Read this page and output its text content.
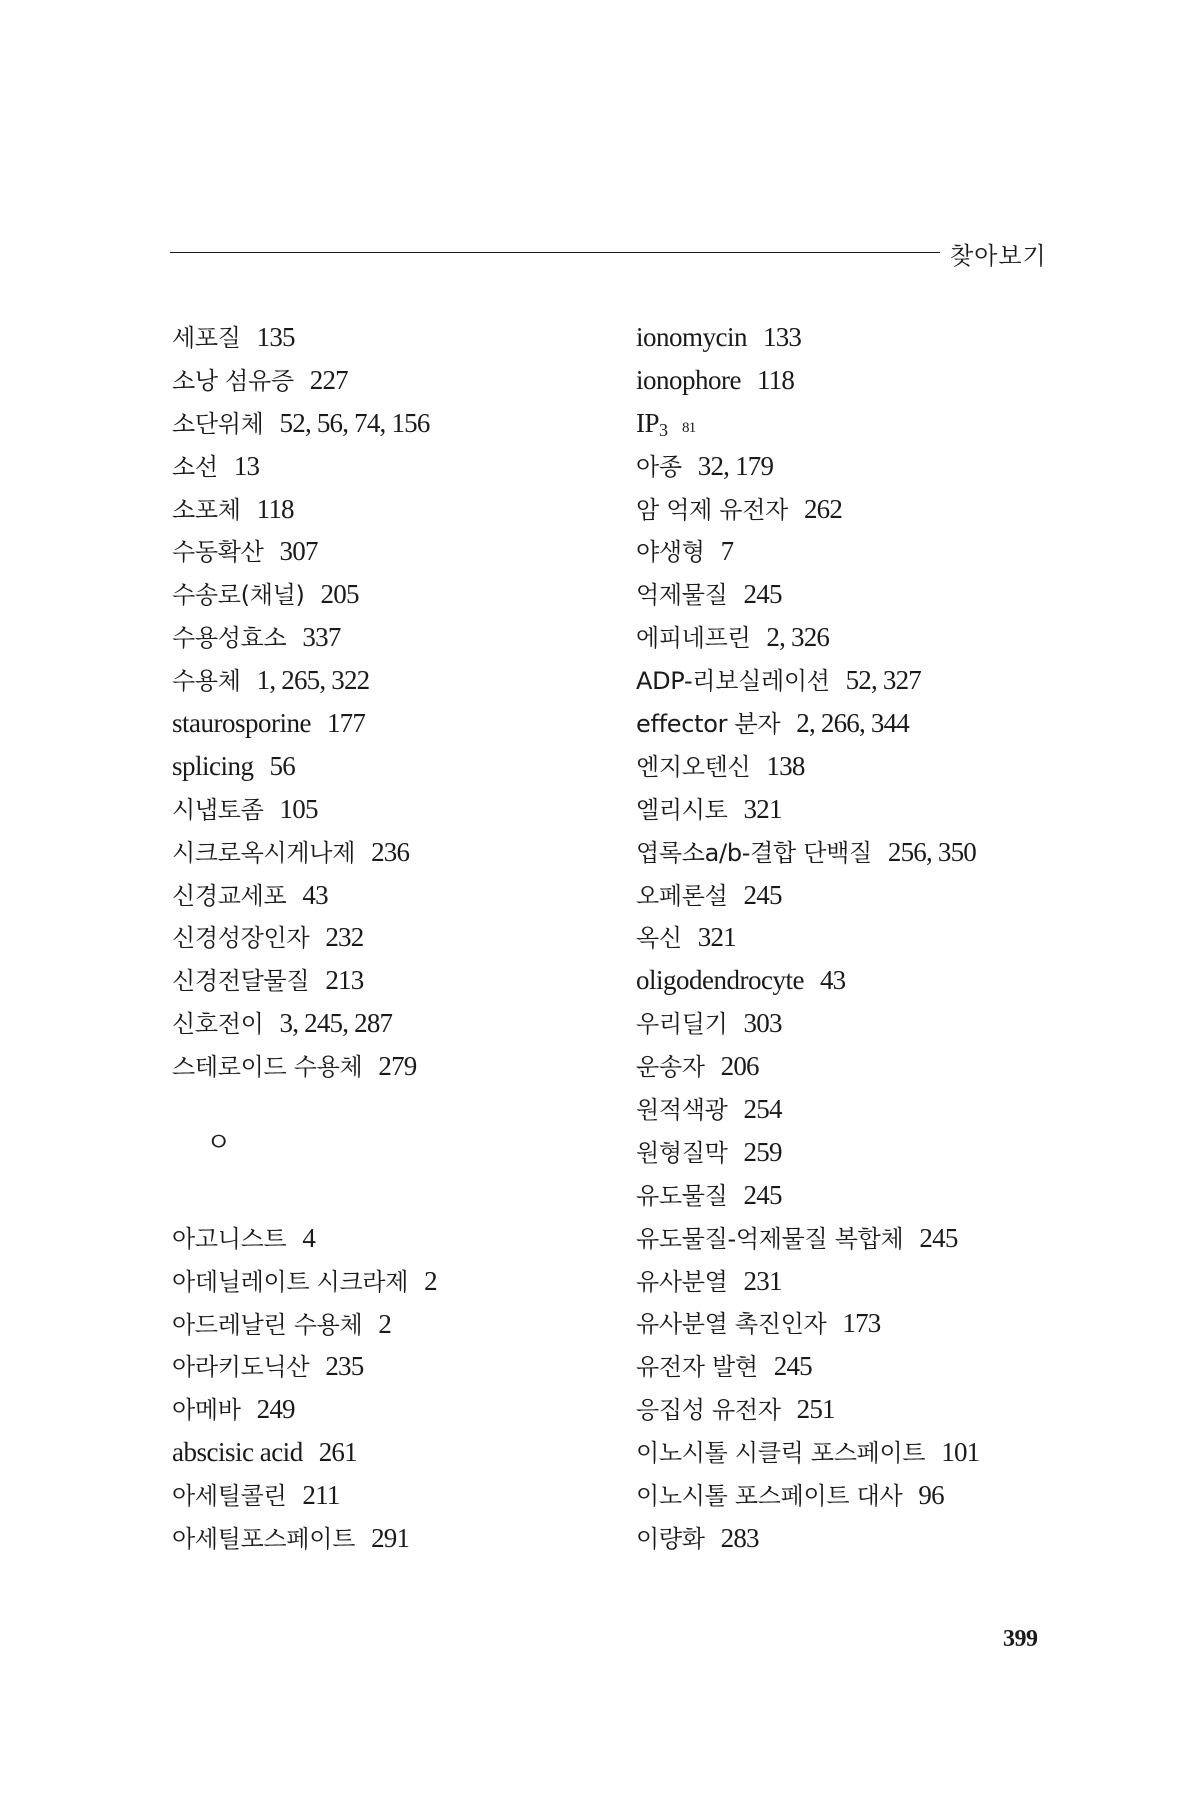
찾아보기
세포질 135
소낭 섬유증 227
소단위체 52, 56, 74, 156
소선 13
소포체 118
수동확산 307
수송로(채널) 205
수용성효소 337
수용체 1, 265, 322
staurosporine 177
splicing 56
시냅토좀 105
시크로옥시게나제 236
신경교세포 43
신경성장인자 232
신경전달물질 213
신호전이 3, 245, 287
스테로이드 수용체 279
ㅇ
아고니스트 4
아데닐레이트 시크라제 2
아드레날린 수용체 2
아라키도닉산 235
아메바 249
abscisic acid 261
아세틸콜린 211
아세틸포스페이트 291
ionomycin 133
ionophore 118
IP3 81
아종 32, 179
암 억제 유전자 262
야생형 7
억제물질 245
에피네프린 2, 326
ADP-리보실레이션 52, 327
effector 분자 2, 266, 344
엔지오텐신 138
엘리시토 321
엽록소a/b-결합 단백질 256, 350
오페론설 245
옥신 321
oligodendrocyte 43
우리딜기 303
운송자 206
원적색광 254
원형질막 259
유도물질 245
유도물질-억제물질 복합체 245
유사분열 231
유사분열 촉진인자 173
유전자 발현 245
응집성 유전자 251
이노시톨 시클릭 포스페이트 101
이노시톨 포스페이트 대사 96
이량화 283
399
